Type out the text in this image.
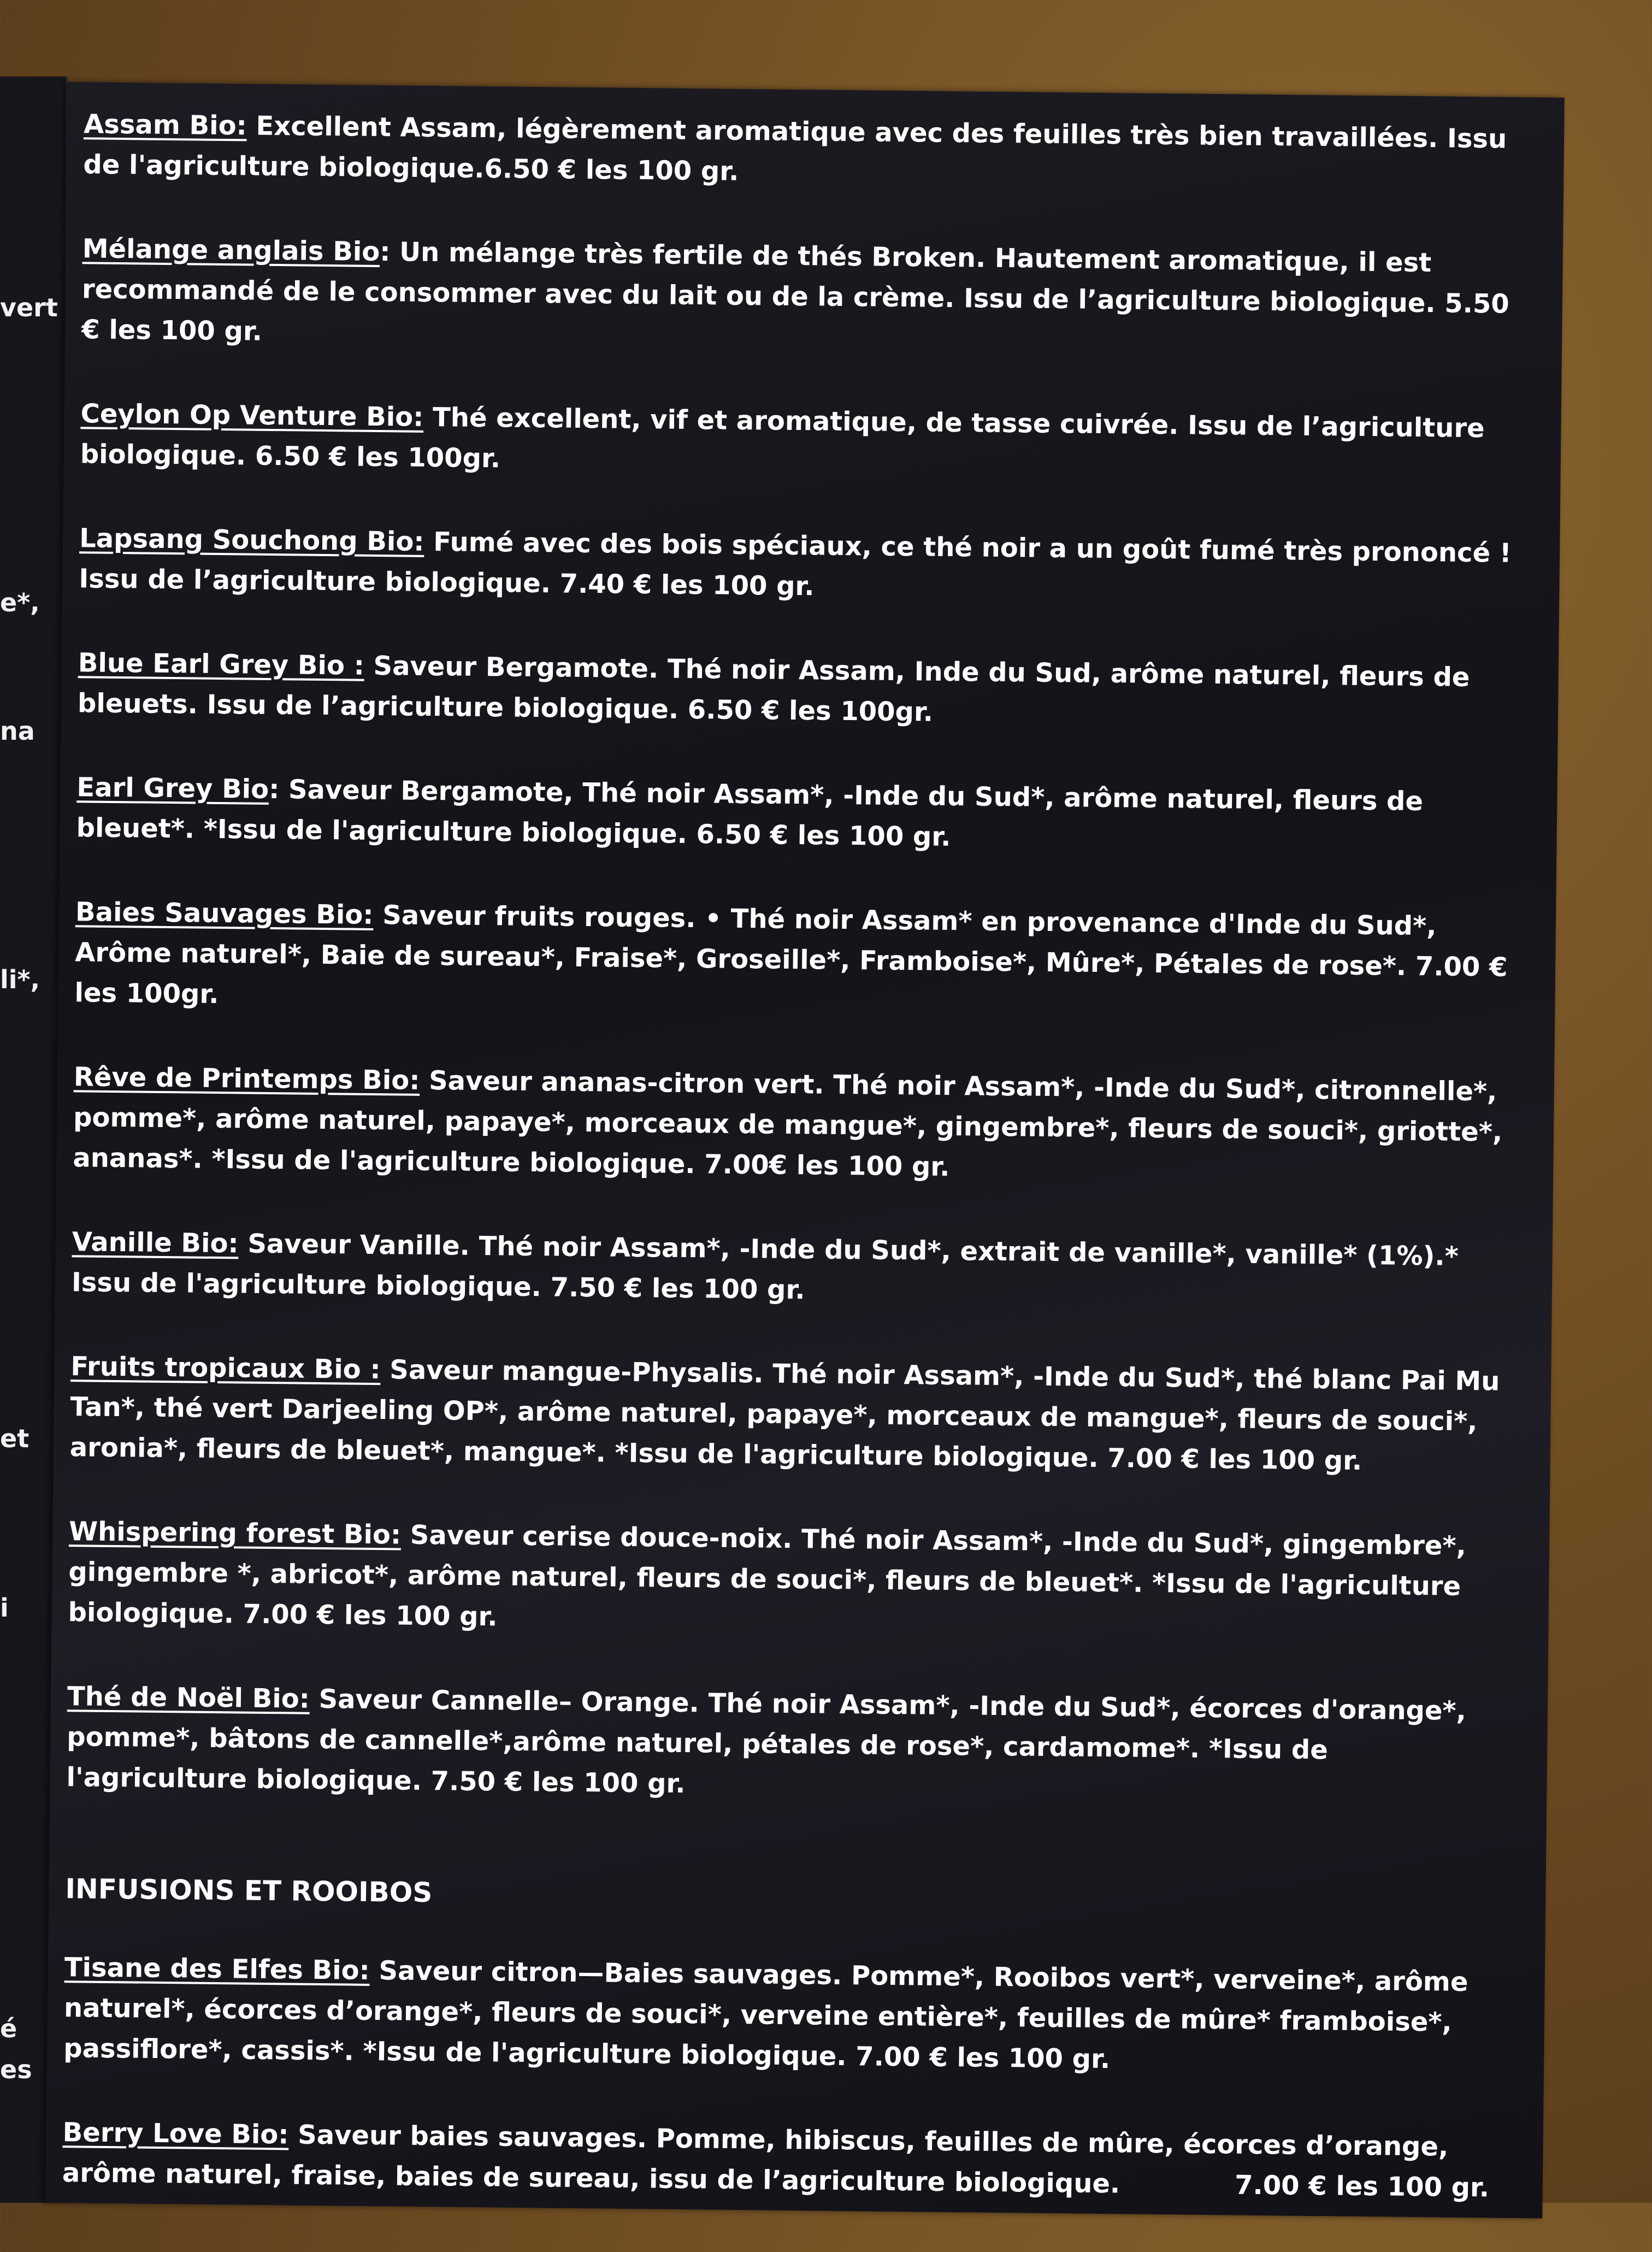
vert
e*,
na
li*,
et
i
é
es

Assam Bio: Excellent Assam, légèrement aromatique avec des feuilles très bien travaillées. Issu de l'agriculture biologique.6.50 € les 100 gr.

Mélange anglais Bio: Un mélange très fertile de thés Broken. Hautement aromatique, il est recommandé de le consommer avec du lait ou de la crème. Issu de l’agriculture biologique. 5.50 € les 100 gr.

Ceylon Op Venture Bio: Thé excellent, vif et aromatique, de tasse cuivrée. Issu de l’agriculture biologique. 6.50 € les 100gr.

Lapsang Souchong Bio: Fumé avec des bois spéciaux, ce thé noir a un goût fumé très prononcé ! Issu de l’agriculture biologique. 7.40 € les 100 gr.

Blue Earl Grey Bio : Saveur Bergamote. Thé noir Assam, Inde du Sud, arôme naturel, fleurs de bleuets. Issu de l’agriculture biologique. 6.50 € les 100gr.

Earl Grey Bio: Saveur Bergamote, Thé noir Assam*, -Inde du Sud*, arôme naturel, fleurs de bleuet*. *Issu de l'agriculture biologique. 6.50 € les 100 gr.

Baies Sauvages Bio: Saveur fruits rouges. • Thé noir Assam* en provenance d'Inde du Sud*, Arôme naturel*, Baie de sureau*, Fraise*, Groseille*, Framboise*, Mûre*, Pétales de rose*. 7.00 € les 100gr.

Rêve de Printemps Bio: Saveur ananas-citron vert. Thé noir Assam*, -Inde du Sud*, citronnelle*, pomme*, arôme naturel, papaye*, morceaux de mangue*, gingembre*, fleurs de souci*, griotte*, ananas*. *Issu de l'agriculture biologique. 7.00€ les 100 gr.

Vanille Bio: Saveur Vanille. Thé noir Assam*, -Inde du Sud*, extrait de vanille*, vanille* (1%).* Issu de l'agriculture biologique. 7.50 € les 100 gr.

Fruits tropicaux Bio : Saveur mangue-Physalis. Thé noir Assam*, -Inde du Sud*, thé blanc Pai Mu Tan*, thé vert Darjeeling OP*, arôme naturel, papaye*, morceaux de mangue*, fleurs de souci*, aronia*, fleurs de bleuet*, mangue*. *Issu de l'agriculture biologique. 7.00 € les 100 gr.

Whispering forest Bio: Saveur cerise douce-noix. Thé noir Assam*, -Inde du Sud*, gingembre*, gingembre *, abricot*, arôme naturel, fleurs de souci*, fleurs de bleuet*. *Issu de l'agriculture biologique. 7.00 € les 100 gr.

Thé de Noël Bio: Saveur Cannelle– Orange. Thé noir Assam*, -Inde du Sud*, écorces d'orange*, pomme*, bâtons de cannelle*,arôme naturel, pétales de rose*, cardamome*. *Issu de l'agriculture biologique. 7.50 € les 100 gr.

INFUSIONS ET ROOIBOS

Tisane des Elfes Bio: Saveur citron—Baies sauvages. Pomme*, Rooibos vert*, verveine*, arôme naturel*, écorces d’orange*, fleurs de souci*, verveine entière*, feuilles de mûre* framboise*, passiflore*, cassis*. *Issu de l'agriculture biologique. 7.00 € les 100 gr.

Berry Love Bio: Saveur baies sauvages. Pomme, hibiscus, feuilles de mûre, écorces d’orange, arôme naturel, fraise, baies de sureau, issu de l’agriculture biologique.	7.00 € les 100 gr.
